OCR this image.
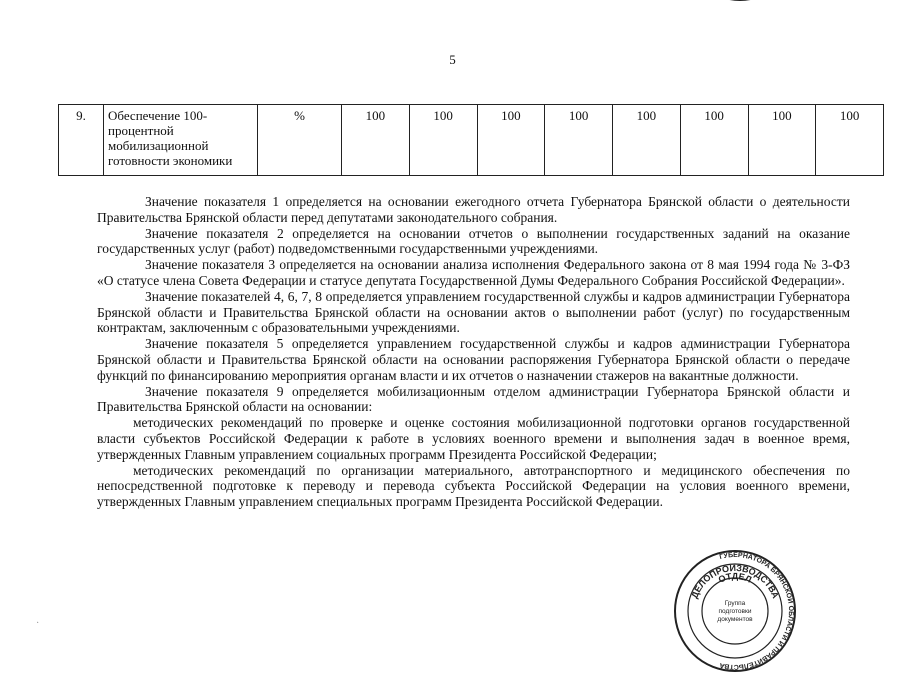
5
9.	Обеспечение 100-процентной мобилизационной готовности экономики	%	100	100	100	100	100	100	100	100

Значение показателя 1 определяется на основании ежегодного отчета Губернатора Брянской области о деятельности Правительства Брянской области перед депутатами законодательного собрания.

Значение показателя 2 определяется на основании отчетов о выполнении государственных заданий на оказание государственных услуг (работ) подведомственными государственными учреждениями.

Значение показателя 3 определяется на основании анализа исполнения Федерального закона от 8 мая 1994 года № 3-ФЗ «О статусе члена Совета Федерации и статусе депутата Государственной Думы Федерального Собрания Российской Федерации».

Значение показателей 4, 6, 7, 8 определяется управлением государственной службы и кадров администрации Губернатора Брянской области и Правительства Брянской области на основании актов о выполнении работ (услуг) по государственным контрактам, заключенным с образовательными учреждениями.

Значение показателя 5 определяется управлением государственной службы и кадров администрации Губернатора Брянской области и Правительства Брянской области на основании распоряжения Губернатора Брянской области о передаче функций по финансированию мероприятия органам власти и их отчетов о назначении стажеров на вакантные должности.

Значение показателя 9 определяется мобилизационным отделом администрации Губернатора Брянской области и Правительства Брянской области на основании:

методических рекомендаций по проверке и оценке состояния мобилизационной подготовки органов государственной власти субъектов Российской Федерации к работе в условиях военного времени и выполнения задач в военное время, утвержденных Главным управлением социальных программ Президента Российской Федерации;

методических рекомендаций по организации материального, автотранспортного и медицинского обеспечения по непосредственной подготовке к переводу и перевода субъекта Российской Федерации на условия военного времени, утвержденных Главным управлением специальных программ Президента Российской Федерации.

ГУБЕРНАТОРА БРЯНСКОЙ ОБЛАСТИ И ПРАВИТЕЛЬСТВА
ДЕЛОПРОИЗВОДСТВА
ОТДЕЛ
Группа
подготовки
документов
·
